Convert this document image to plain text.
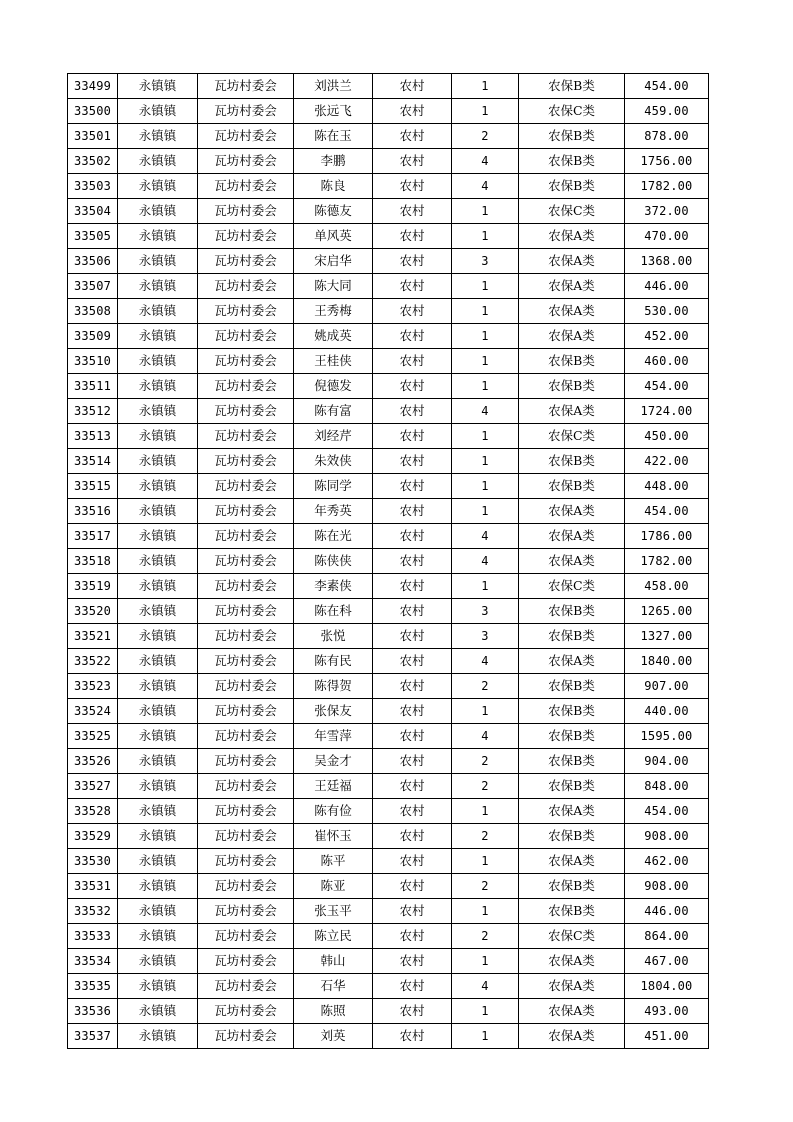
33499	永镇镇	瓦坊村委会	刘洪兰	农村	1	农保B类	454.00
33500	永镇镇	瓦坊村委会	张远飞	农村	1	农保C类	459.00
33501	永镇镇	瓦坊村委会	陈在玉	农村	2	农保B类	878.00
33502	永镇镇	瓦坊村委会	李鹏	农村	4	农保B类	1756.00
33503	永镇镇	瓦坊村委会	陈良	农村	4	农保B类	1782.00
33504	永镇镇	瓦坊村委会	陈德友	农村	1	农保C类	372.00
33505	永镇镇	瓦坊村委会	单风英	农村	1	农保A类	470.00
33506	永镇镇	瓦坊村委会	宋启华	农村	3	农保A类	1368.00
33507	永镇镇	瓦坊村委会	陈大同	农村	1	农保A类	446.00
33508	永镇镇	瓦坊村委会	王秀梅	农村	1	农保A类	530.00
33509	永镇镇	瓦坊村委会	姚成英	农村	1	农保A类	452.00
33510	永镇镇	瓦坊村委会	王桂侠	农村	1	农保B类	460.00
33511	永镇镇	瓦坊村委会	倪德发	农村	1	农保B类	454.00
33512	永镇镇	瓦坊村委会	陈有富	农村	4	农保A类	1724.00
33513	永镇镇	瓦坊村委会	刘经芹	农村	1	农保C类	450.00
33514	永镇镇	瓦坊村委会	朱效侠	农村	1	农保B类	422.00
33515	永镇镇	瓦坊村委会	陈同学	农村	1	农保B类	448.00
33516	永镇镇	瓦坊村委会	年秀英	农村	1	农保A类	454.00
33517	永镇镇	瓦坊村委会	陈在光	农村	4	农保A类	1786.00
33518	永镇镇	瓦坊村委会	陈侠侠	农村	4	农保A类	1782.00
33519	永镇镇	瓦坊村委会	李素侠	农村	1	农保C类	458.00
33520	永镇镇	瓦坊村委会	陈在科	农村	3	农保B类	1265.00
33521	永镇镇	瓦坊村委会	张悦	农村	3	农保B类	1327.00
33522	永镇镇	瓦坊村委会	陈有民	农村	4	农保A类	1840.00
33523	永镇镇	瓦坊村委会	陈得贺	农村	2	农保B类	907.00
33524	永镇镇	瓦坊村委会	张保友	农村	1	农保B类	440.00
33525	永镇镇	瓦坊村委会	年雪萍	农村	4	农保B类	1595.00
33526	永镇镇	瓦坊村委会	吴金才	农村	2	农保B类	904.00
33527	永镇镇	瓦坊村委会	王廷福	农村	2	农保B类	848.00
33528	永镇镇	瓦坊村委会	陈有俭	农村	1	农保A类	454.00
33529	永镇镇	瓦坊村委会	崔怀玉	农村	2	农保B类	908.00
33530	永镇镇	瓦坊村委会	陈平	农村	1	农保A类	462.00
33531	永镇镇	瓦坊村委会	陈亚	农村	2	农保B类	908.00
33532	永镇镇	瓦坊村委会	张玉平	农村	1	农保B类	446.00
33533	永镇镇	瓦坊村委会	陈立民	农村	2	农保C类	864.00
33534	永镇镇	瓦坊村委会	韩山	农村	1	农保A类	467.00
33535	永镇镇	瓦坊村委会	石华	农村	4	农保A类	1804.00
33536	永镇镇	瓦坊村委会	陈照	农村	1	农保A类	493.00
33537	永镇镇	瓦坊村委会	刘英	农村	1	农保A类	451.00
